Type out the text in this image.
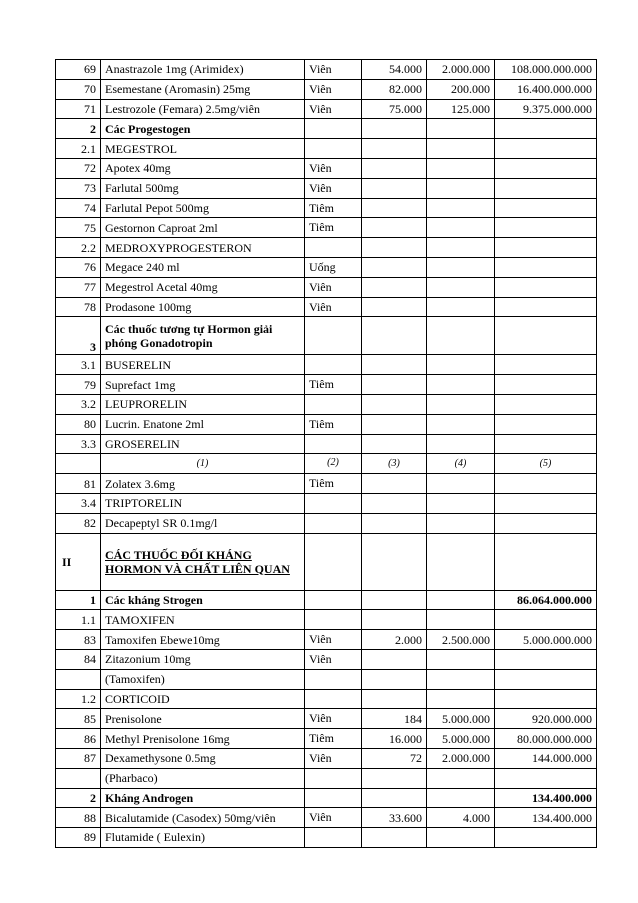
69	Anastrazole 1mg (Arimidex)	Viên	54.000	2.000.000	108.000.000.000
70	Esemestane (Aromasin) 25mg	Viên	82.000	200.000	16.400.000.000
71	Lestrozole (Femara) 2.5mg/viên	Viên	75.000	125.000	9.375.000.000
2	Các Progestogen				
2.1	MEGESTROL				
72	Apotex 40mg	Viên			
73	Farlutal 500mg	Viên			
74	Farlutal Pepot 500mg	Tiêm			
75	Gestornon Caproat 2ml	Tiêm			
2.2	MEDROXYPROGESTERON				
76	Megace 240 ml	Uống			
77	Megestrol Acetal 40mg	Viên			
78	Prodasone 100mg	Viên			
3	Các thuốc tương tự Hormon giải phóng Gonadotropin				
3.1	BUSERELIN				
79	Suprefact 1mg	Tiêm			
3.2	LEUPRORELIN				
80	Lucrin. Enatone 2ml	Tiêm			
3.3	GROSERELIN				
	(1)	(2)	(3)	(4)	(5)
81	Zolatex 3.6mg	Tiêm			
3.4	TRIPTORELIN				
82	Decapeptyl SR 0.1mg/l				
II	CÁC THUỐC ĐỐI KHÁNG HORMON VÀ CHẤT LIÊN QUAN				
1	Các kháng Strogen				86.064.000.000
1.1	TAMOXIFEN				
83	Tamoxifen Ebewe10mg	Viên	2.000	2.500.000	5.000.000.000
84	Zitazonium 10mg	Viên			
	(Tamoxifen)				
1.2	CORTICOID				
85	Prenisolone	Viên	184	5.000.000	920.000.000
86	Methyl Prenisolone 16mg	Tiêm	16.000	5.000.000	80.000.000.000
87	Dexamethysone 0.5mg	Viên	72	2.000.000	144.000.000
	(Pharbaco)				
2	Kháng Androgen				134.400.000
88	Bicalutamide (Casodex) 50mg/viên	Viên	33.600	4.000	134.400.000
89	Flutamide ( Eulexin)				
